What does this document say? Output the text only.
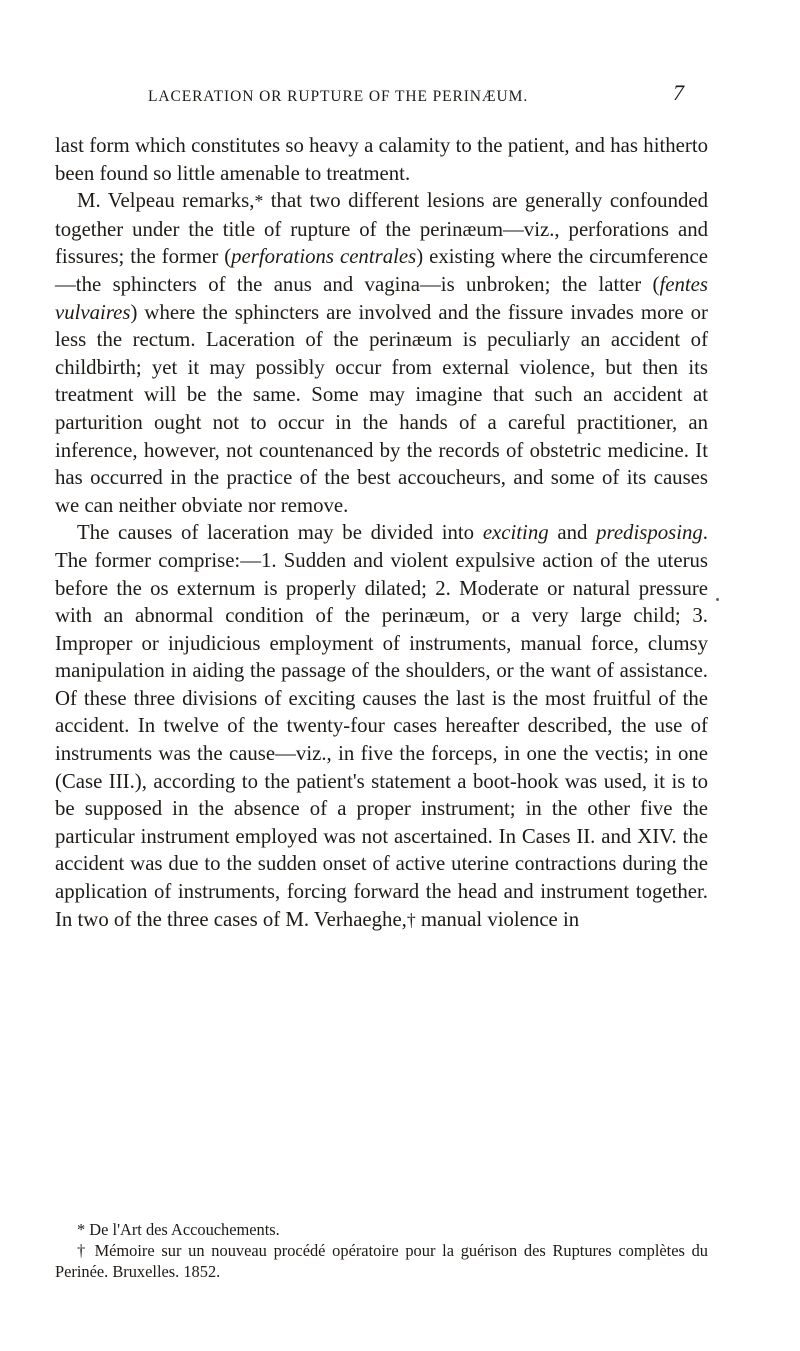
LACERATION OR RUPTURE OF THE PERINÆUM.	7

last form which constitutes so heavy a calamity to the patient, and has hitherto been found so little amenable to treatment.

M. Velpeau remarks,* that two different lesions are generally confounded together under the title of rupture of the perinæum—viz., perforations and fissures; the former (perforations centrales) existing where the circumference—the sphincters of the anus and vagina—is unbroken; the latter (fentes vulvaires) where the sphincters are involved and the fissure invades more or less the rectum. Laceration of the perinæum is peculiarly an accident of childbirth; yet it may possibly occur from external violence, but then its treatment will be the same. Some may imagine that such an accident at parturition ought not to occur in the hands of a careful practitioner, an inference, however, not countenanced by the records of obstetric medicine. It has occurred in the practice of the best accoucheurs, and some of its causes we can neither obviate nor remove.

The causes of laceration may be divided into exciting and predisposing. The former comprise:—1. Sudden and violent expulsive action of the uterus before the os externum is properly dilated; 2. Moderate or natural pressure with an abnormal condition of the perinæum, or a very large child; 3. Improper or injudicious employment of instruments, manual force, clumsy manipulation in aiding the passage of the shoulders, or the want of assistance. Of these three divisions of exciting causes the last is the most fruitful of the accident. In twelve of the twenty-four cases hereafter described, the use of instruments was the cause—viz., in five the forceps, in one the vectis; in one (Case III.), according to the patient's statement a boot-hook was used, it is to be supposed in the absence of a proper instrument; in the other five the particular instrument employed was not ascertained. In Cases II. and XIV. the accident was due to the sudden onset of active uterine contractions during the application of instruments, forcing forward the head and instrument together. In two of the three cases of M. Verhaeghe,† manual violence in

* De l'Art des Accouchements.

† Mémoire sur un nouveau procédé opératoire pour la guérison des Ruptures complètes du Perinée. Bruxelles. 1852.
